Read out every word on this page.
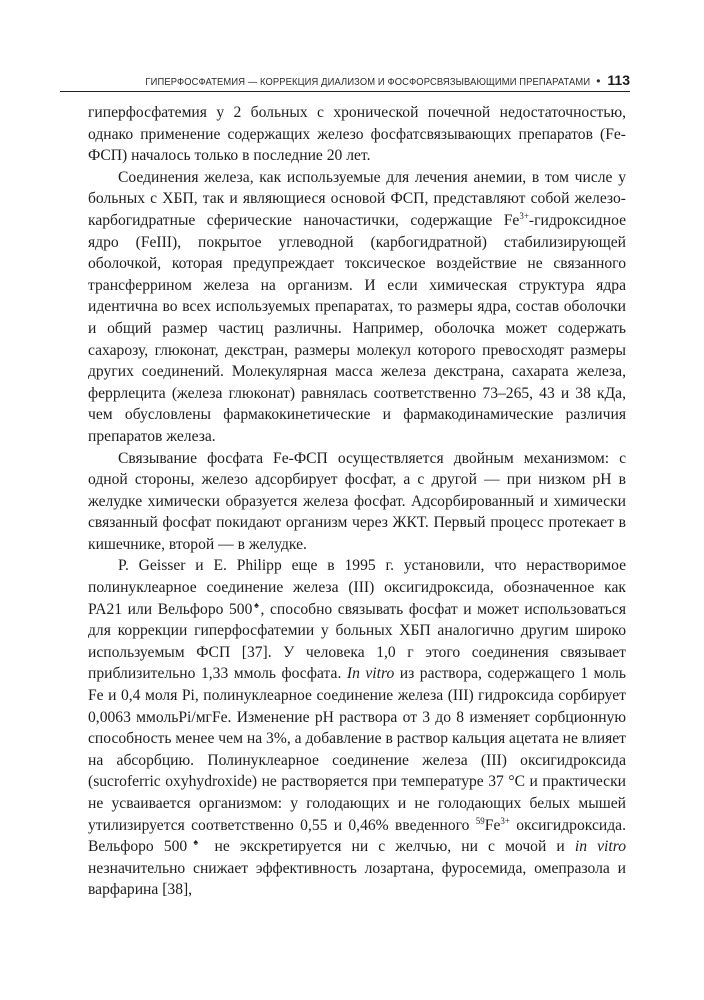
ГИПЕРФОСФАТЕМИЯ — КОРРЕКЦИЯ ДИАЛИЗОМ И ФОСФОРСВЯЗЫВАЮЩИМИ ПРЕПАРАТАМИ • 113

гиперфосфатемия у 2 больных с хронической почечной недостаточностью, однако применение содержащих железо фосфатсвязывающих препаратов (Fe-ФСП) началось только в последние 20 лет.

Соединения железа, как используемые для лечения анемии, в том числе у больных с ХБП, так и являющиеся основой ФСП, представляют собой железо-карбогидратные сферические наночастички, содержащие $Fe^{3+}$-гидроксидное ядро (FeIII), покрытое углеводной (карбогидратной) стабилизирующей оболочкой, которая предупреждает токсическое воздействие не связанного трансферрином железа на организм. И если химическая структура ядра идентична во всех используемых препаратах, то размеры ядра, состав оболочки и общий размер частиц различны. Например, оболочка может содержать сахарозу, глюконат, декстран, размеры молекул которого превосходят размеры других соединений. Молекулярная масса железа декстрана, сахарата железа, феррлецита (железа глюконат) равнялась соответственно 73–265, 43 и 38 кДа, чем обусловлены фармакокинетические и фармакодинамические различия препаратов железа.

Связывание фосфата Fe-ФСП осуществляется двойным механизмом: с одной стороны, железо адсорбирует фосфат, а с другой — при низком pH в желудке химически образуется железа фосфат. Адсорбированный и химически связанный фосфат покидают организм через ЖКТ. Первый процесс протекает в кишечнике, второй — в желудке.

P. Geisser и E. Philipp еще в 1995 г. установили, что нерастворимое полинуклеарное соединение железа (III) оксигидроксида, обозначенное как PA21 или Вельфоро 500♠, способно связывать фосфат и может использоваться для коррекции гиперфосфатемии у больных ХБП аналогично другим широко используемым ФСП [37]. У человека 1,0 г этого соединения связывает приблизительно 1,33 ммоль фосфата. In vitro из раствора, содержащего 1 моль Fe и 0,4 моля Pi, полинуклеарное соединение железа (III) гидроксида сорбирует 0,0063 ммольPi/мгFe. Изменение pH раствора от 3 до 8 изменяет сорбционную способность менее чем на 3%, а добавление в раствор кальция ацетата не влияет на абсорбцию. Полинуклеарное соединение железа (III) оксигидроксида (sucroferric oxyhydroxide) не растворяется при температуре 37 °C и практически не усваивается организмом: у голодающих и не голодающих белых мышей утилизируется соответственно 0,55 и 0,46% введенного $^{59}Fe^{3+}$ оксигидроксида. Вельфоро 500♠ не экскретируется ни с желчью, ни с мочой и in vitro незначительно снижает эффективность лозартана, фуросемида, омепразола и варфарина [38],
